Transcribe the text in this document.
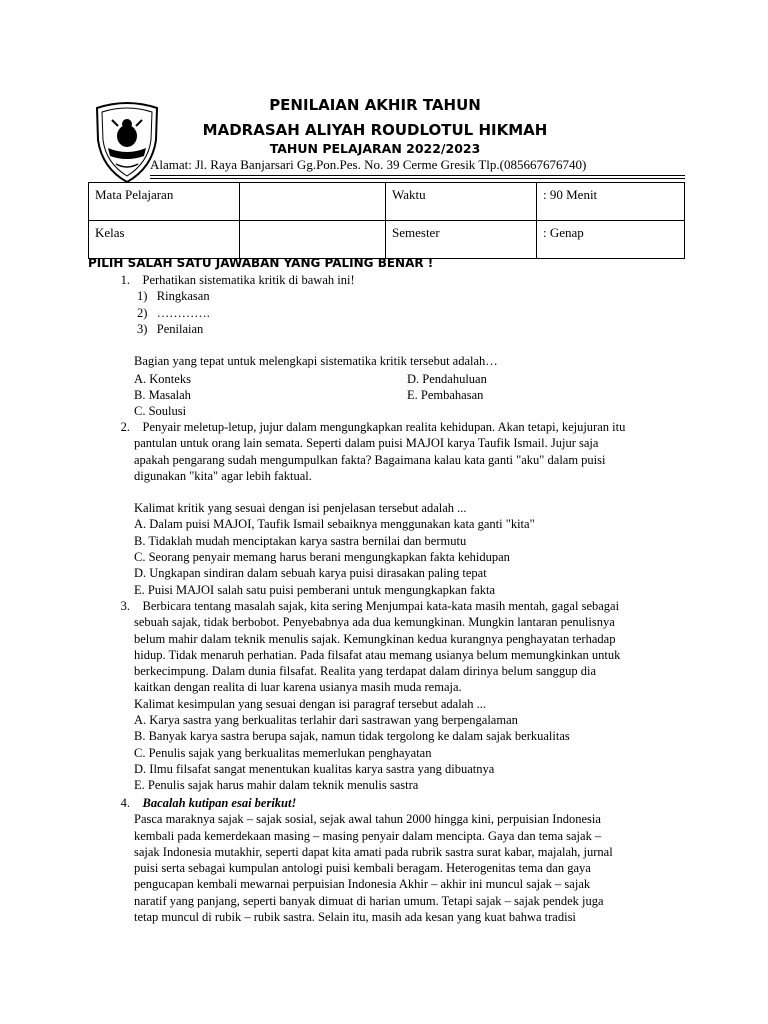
PENILAIAN AKHIR TAHUN
MADRASAH ALIYAH ROUDLOTUL HIKMAH
TAHUN PELAJARAN 2022/2023
Alamat: Jl. Raya Banjarsari Gg.Pon.Pes. No. 39 Cerme Gresik Tlp.(085667676740)
Mata Pelajaran		Waktu	: 90 Menit
Kelas		Semester	: Genap
PILIH SALAH SATU JAWABAN YANG PALING BENAR !
1. Perhatikan sistematika kritik di bawah ini!
1) Ringkasan
2) ………….
3) Penilaian
Bagian yang tepat untuk melengkapi sistematika kritik tersebut adalah…
A. Konteks	D. Pendahuluan
B. Masalah	E. Pembahasan
C. Soulusi
2. Penyair meletup-letup, jujur dalam mengungkapkan realita kehidupan. Akan tetapi, kejujuran itu
pantulan untuk orang lain semata. Seperti dalam puisi MAJOI karya Taufik Ismail. Jujur saja
apakah pengarang sudah mengumpulkan fakta? Bagaimana kalau kata ganti "aku" dalam puisi
digunakan "kita" agar lebih faktual.
Kalimat kritik yang sesuai dengan isi penjelasan tersebut adalah ...
A. Dalam puisi MAJOI, Taufik Ismail sebaiknya menggunakan kata ganti "kita"
B. Tidaklah mudah menciptakan karya sastra bernilai dan bermutu
C. Seorang penyair memang harus berani mengungkapkan fakta kehidupan
D. Ungkapan sindiran dalam sebuah karya puisi dirasakan paling tepat
E. Puisi MAJOI salah satu puisi pemberani untuk mengungkapkan fakta
3. Berbicara tentang masalah sajak, kita sering Menjumpai kata-kata masih mentah, gagal sebagai
sebuah sajak, tidak berbobot. Penyebabnya ada dua kemungkinan. Mungkin lantaran penulisnya
belum mahir dalam teknik menulis sajak. Kemungkinan kedua kurangnya penghayatan terhadap
hidup. Tidak menaruh perhatian. Pada filsafat atau memang usianya belum memungkinkan untuk
berkecimpung. Dalam dunia filsafat. Realita yang terdapat dalam dirinya belum sanggup dia
kaitkan dengan realita di luar karena usianya masih muda remaja.
Kalimat kesimpulan yang sesuai dengan isi paragraf tersebut adalah ...
A. Karya sastra yang berkualitas terlahir dari sastrawan yang berpengalaman
B. Banyak karya sastra berupa sajak, namun tidak tergolong ke dalam sajak berkualitas
C. Penulis sajak yang berkualitas memerlukan penghayatan
D. Ilmu filsafat sangat menentukan kualitas karya sastra yang dibuatnya
E. Penulis sajak harus mahir dalam teknik menulis sastra
4. Bacalah kutipan esai berikut!
Pasca maraknya sajak – sajak sosial, sejak awal tahun 2000 hingga kini, perpuisian Indonesia
kembali pada kemerdekaan masing – masing penyair dalam mencipta. Gaya dan tema sajak –
sajak Indonesia mutakhir, seperti dapat kita amati pada rubrik sastra surat kabar, majalah, jurnal
puisi serta sebagai kumpulan antologi puisi kembali beragam. Heterogenitas tema dan gaya
pengucapan kembali mewarnai perpuisian Indonesia Akhir – akhir ini muncul sajak – sajak
naratif yang panjang, seperti banyak dimuat di harian umum. Tetapi sajak – sajak pendek juga
tetap muncul di rubik – rubik sastra. Selain itu, masih ada kesan yang kuat bahwa tradisi
